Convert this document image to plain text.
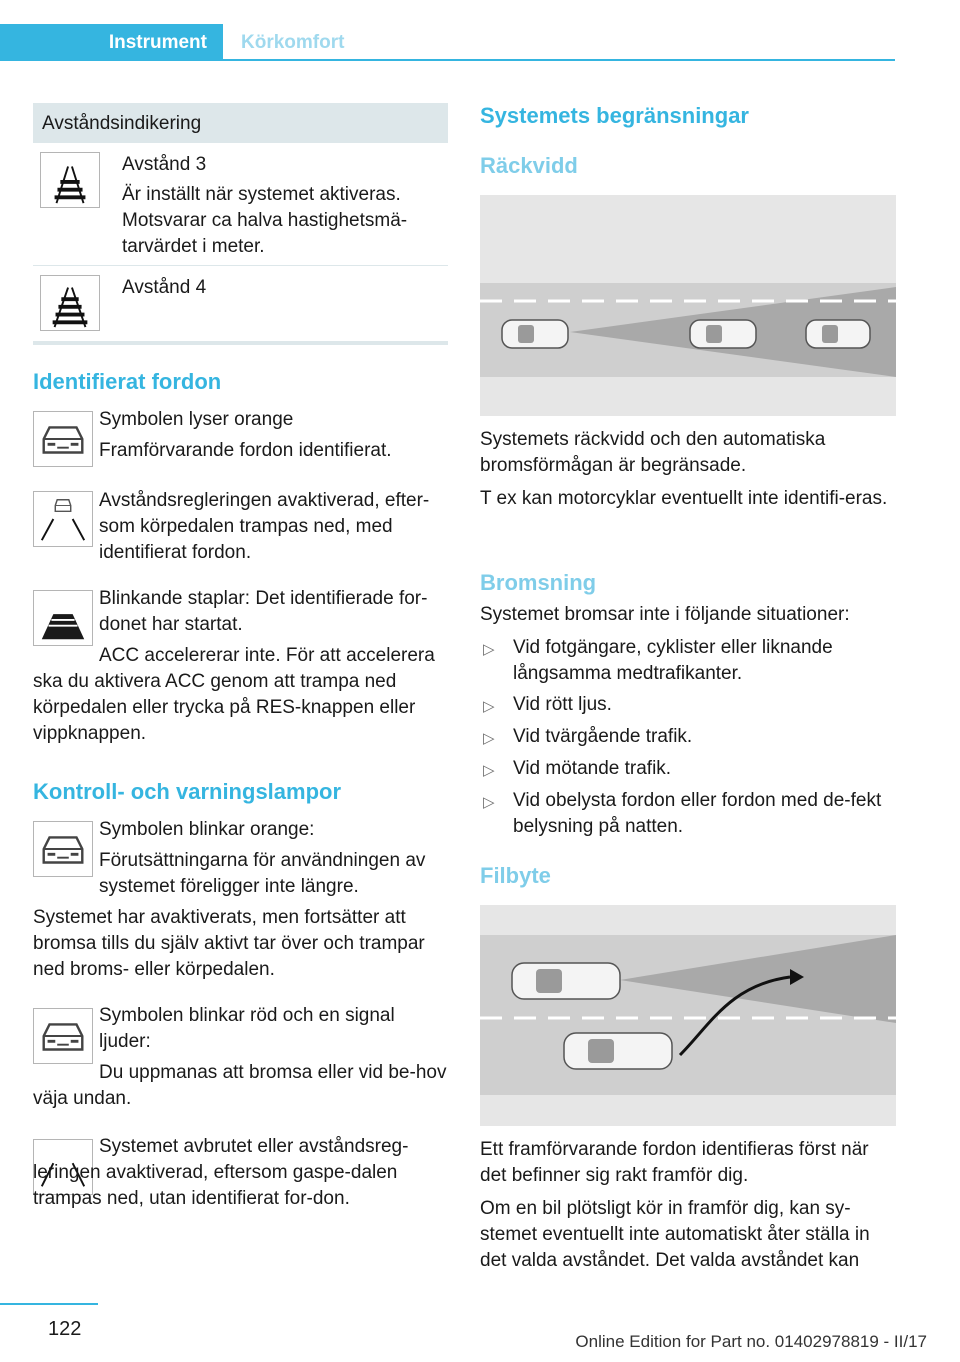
Instrument	Körkomfort
Avståndsindikering

Avstånd 3

Är inställt när systemet aktiveras. Motsvarar ca halva hastighetsmä-tarvärdet i meter.

Avstånd 4

Identifierat fordon

Symbolen lyser orange

Framförvarande fordon identifierat.

Avståndsregleringen avaktiverad, efter-som körpedalen trampas ned, med identifierat fordon.

Blinkande staplar: Det identifierade for-donet har startat.

ACC accelererar inte. För att accelerera ska du aktivera ACC genom att trampa ned körpedalen eller trycka på RES-knappen eller vippknappen.

Kontroll- och varningslampor

Symbolen blinkar orange:

Förutsättningarna för användningen av systemet föreligger inte längre.

Systemet har avaktiverats, men fortsätter att bromsa tills du själv aktivt tar över och trampar ned broms- eller körpedalen.

Symbolen blinkar röd och en signal ljuder:

Du uppmanas att bromsa eller vid be-hov väja undan.

Systemet avbrutet eller avståndsreg-leringen avaktiverad, eftersom gaspe-dalen trampas ned, utan identifierat for-don.

Systemets begränsningar

Räckvidd

Systemets räckvidd och den automatiska bromsförmågan är begränsade.

T ex kan motorcyklar eventuellt inte identifi-eras.

Bromsning

Systemet bromsar inte i följande situationer:

▷ Vid fotgängare, cyklister eller liknande långsamma medtrafikanter.

▷ Vid rött ljus.

▷ Vid tvärgående trafik.

▷ Vid mötande trafik.

▷ Vid obelysta fordon eller fordon med de-fekt belysning på natten.

Filbyte

Ett framförvarande fordon identifieras först när det befinner sig rakt framför dig.

Om en bil plötsligt kör in framför dig, kan sy-stemet eventuellt inte automatiskt åter ställa in det valda avståndet. Det valda avståndet kan

122
Online Edition for Part no. 01402978819 - II/17
